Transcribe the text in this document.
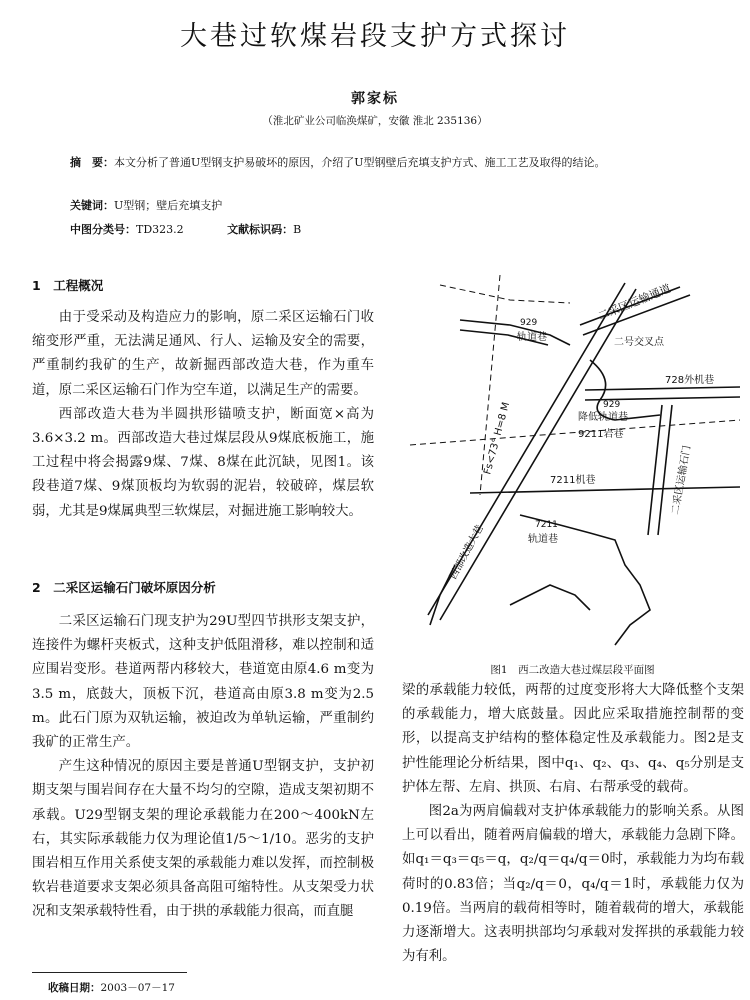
大巷过软煤岩段支护方式探讨
郭家标
（淮北矿业公司临涣煤矿，安徽 淮北 235136）

摘　要：本文分析了普通U型钢支护易破坏的原因，介绍了U型钢壁后充填支护方式、施工工艺及取得的结论。

关键词：U型钢；壁后充填支护
中图分类号：TD323.2	文献标识码：B
1　工程概况

由于受采动及构造应力的影响，原二采区运输石门收缩变形严重，无法满足通风、行人、运输及安全的需要，严重制约我矿的生产，故新掘西部改造大巷，作为重车道，原二采区运输石门作为空车道，以满足生产的需要。

西部改造大巷为半圆拱形锚喷支护，断面宽×高为3.6×3.2 m。西部改造大巷过煤层段从9煤底板施工，施工过程中将会揭露9煤、7煤、8煤在此沉缺，见图1。该段巷道7煤、9煤顶板均为软弱的泥岩，较破碎，煤层软弱，尤其是9煤属典型三软煤层，对掘进施工影响较大。

2　二采区运输石门破坏原因分析

二采区运输石门现支护为29U型四节拱形支架支护，连接件为螺杆夹板式，这种支护低阻滑移，难以控制和适应围岩变形。巷道两帮内移较大，巷道宽由原4.6 m变为3.5 m，底鼓大，顶板下沉，巷道高由原3.8 m变为2.5 m。此石门原为双轨运输，被迫改为单轨运输，严重制约我矿的正常生产。

产生这种情况的原因主要是普通U型钢支护，支护初期支架与围岩间存在大量不均匀的空隙，造成支架初期不承载。U29型钢支架的理论承载能力在200～400kN左右，其实际承载能力仅为理论值1/5～1/10。恶劣的支护围岩相互作用关系使支架的承载能力难以发挥，而控制极软岩巷道要求支架必须具备高阻可缩特性。从支架受力状况和支架承载特性看，由于拱的承载能力很高，而直腿

二采区运输通道
二号交叉点
929
轨道巷
728外机巷
929
降低轨道巷
9211岩巷
二采区运输石门
Fs<73° H=8 M
7211机巷
7211
轨道巷
西部改造大巷
图1　西二改造大巷过煤层段平面图

梁的承载能力较低，两帮的过度变形将大大降低整个支架的承载能力，增大底鼓量。因此应采取措施控制帮的变形，以提高支护结构的整体稳定性及承载能力。图2是支护性能理论分析结果，图中q₁、q₂、q₃、q₄、q₅分别是支护体左帮、左肩、拱顶、右肩、右帮承受的载荷。

图2a为两肩偏载对支护体承载能力的影响关系。从图上可以看出，随着两肩偏载的增大，承载能力急剧下降。如q₁＝q₃＝q₅＝q，q₂/q＝q₄/q＝0时，承载能力为均布载荷时的0.83倍；当q₂/q＝0，q₄/q＝1时，承载能力仅为0.19倍。当两肩的载荷相等时，随着载荷的增大，承载能力逐渐增大。这表明拱部均匀承载对发挥拱的承载能力较为有利。

收稿日期：2003－07－17
